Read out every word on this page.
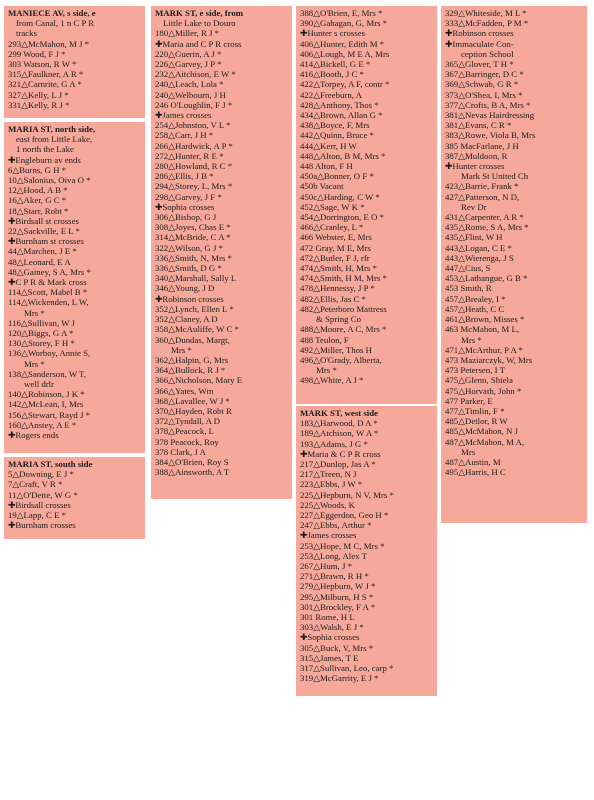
MANIECE AV, s side, e
from Canal, 1 n C P R
tracks
293△McMahon, M J *
299 Wood, F J *
303 Watson, R W *
315△Faulkner, A R *
321△Carnrite, G A *
327△Kelly, L J *
331△Kelly, R J *
MARIA ST, north side,
east from Little Lake,
1 north the Lake
✚Engleburn av ends
6△Burns, G H *
10△Salonius, Oiva O *
12△Hood, A B *
16△Aker, G C *
18△Starr, Robt *
✚Birdsall st crosses
22△Sackville, E L *
✚Burnham st crosses
44△Marchen, J E *
48△Leonard, E A
48△Gainey, S A, Mrs *
✚C P R & Mark cross
114△Scott, Mabel B *
114△Wickenden, L W,
Mrs *
116△Sullivan, W J
120△Biggs, G A *
130△Storey, F H *
136△Worboy, Annie S,
Mrs *
138△Sanderson, W T,
well drlr
140△Robinson, J K *
142△McLean, I, Mrs
156△Stewart, Rayd J *
160△Anstey, A E *
✚Rogers ends
MARIA ST, south side
5△Downing, E J *
7△Craft, V R *
11△O'Dette, W G *
✚Birdsall crosses
19△Lapp, C E *
✚Burnham crosses
MARK ST, e side, from
Little Lake to Douro
180△Miller, R J *
✚Maria and C P R cross
220△Guerin, A J *
226△Garvey, J P *
232△Aitchison, E W *
240△Leach, Lola *
240△Welbourn, J H
246 O'Loughlin, F J *
✚James crosses
254△Johnston, V L *
258△Carr, J H *
266△Hardwick, A P *
272△Hunter, R E *
280△Howland, R C *
286△Ellis, J B *
294△Storey, L, Mrs *
298△Garvey, J F *
✚Sophia crosses
306△Bishop, G J
308△Joyes, Chas E *
314△McBride, C A *
322△Wilson, G J *
336△Smith, N, Mrs *
336△Smith, D G *
340△Marshall, Sally L
346△Young, J D
✚Robinson crosses
352△Lynch, Ellen L *
352△Claney, A D
358△McAuliffe, W C *
360△Dundas, Margt,
Mrs *
362△Halpin, G, Mrs
364△Bullock, R J *
366△Nicholson, Mary E
366△Yates, Wm
368△Lavallee, W J *
370△Hayden, Robt R
372△Tyndall, A D
378△Peacock, L
378 Peacock, Roy
378 Clark, J A
384△O'Brien, Roy S
388△Ainsworth, A T
388△O'Brien, E, Mrs *
390△Gahagan, G, Mrs *
✚Hunter s crosses
406△Hunter, Edith M *
406△Lough, M E A, Mrs
414△Bickell, G E *
416△Booth, J C *
422△Torpey, A F, contr *
422△Freeburn, A
428△Anthony, Thos *
434△Brown, Allan G *
438△Boyce, F, Mrs
442△Quinn, Bruce *
444△Kerr, H W
448△Alton, B M, Mrs *
448 Alton, F H
450a△Bonner, O F *
450b Vacant
450c△Harding, C W *
452△Sage, W K *
454△Dorrington, E O *
466△Cranley, L *
466 Webster, E, Mrs
472 Gray, M E, Mrs
472△Butler, F J, rfr
474△Smith, H, Mrs *
474△Smith, H M, Mrs *
478△Hennessy, J P *
482△Ellis, Jas C *
482△Peterboro Mattress
& Spring Co
488△Moore, A C, Mrs *
488 Teulon, F
492△Miller, Thos H
496△O'Grady, Alberta,
Mrs *
498△White, A J *
MARK ST, west side
183△Harwood, D A *
189△Atchison, W A *
193△Adams, J G *
✚Maria & C P R cross
217△Dunlop, Jas A *
217△Treen, N J
223△Ebbs, J W *
225△Hepburn, N V, Mrs *
225△Woods, K
227△Eggerdon, Geo H *
247△Ebbs, Arthur *
✚James crosses
253△Hope, M C, Mrs *
253△Long, Alex T
267△Hum, J *
271△Brawn, R H *
279△Hepburn, W J *
295△Milburn, H S *
301△Brockley, F A *
301 Rome, H L
303△Walsh, E J *
✚Sophia crosses
305△Buck, V, Mrs *
315△James, T E
317△Sullivan, Leo, carp *
319△McGarrity, E J *
329△Whiteside, M L *
333△McFadden, P M *
✚Robinson crosses
✚Immaculate Con-
ception School
365△Glover, T H *
367△Barringer, D C *
369△Schwab, G R *
373△O'Shea, I, Mrs *
377△Crofts, B A, Mrs *
381△Nevas Hairdressing
381△Evans, C R *
383△Rowe, Viola B, Mrs
385 MacFarlane, J H
387△Muldoon, R
✚Hunter crosses
Mark St United Ch
423△Barrie, Frank *
427△Patterson, N D,
Rev Dr
431△Carpenter, A R *
435△Rome, S A, Mrs *
435△Flint, W H
443△Logan, C E *
443△Wierenga, J S
447△Cius, S
453△Lathangue, G B *
453 Smith, R
457△Brealey, I *
457△Heath, C C
461△Brown, Misses *
463 McMahon, M L,
Mrs *
471△McArthur, P A *
473 Maziarczyk, W, Mrs
473 Petersen, I T
475△Glenn, Shiela
475△Horvath, John *
477 Parker, E
477△Timlin, F *
485△Detlor, R W
485△McMahon, N J
487△McMahon, M A,
Mrs
487△Austin, M
495△Harris, H C
